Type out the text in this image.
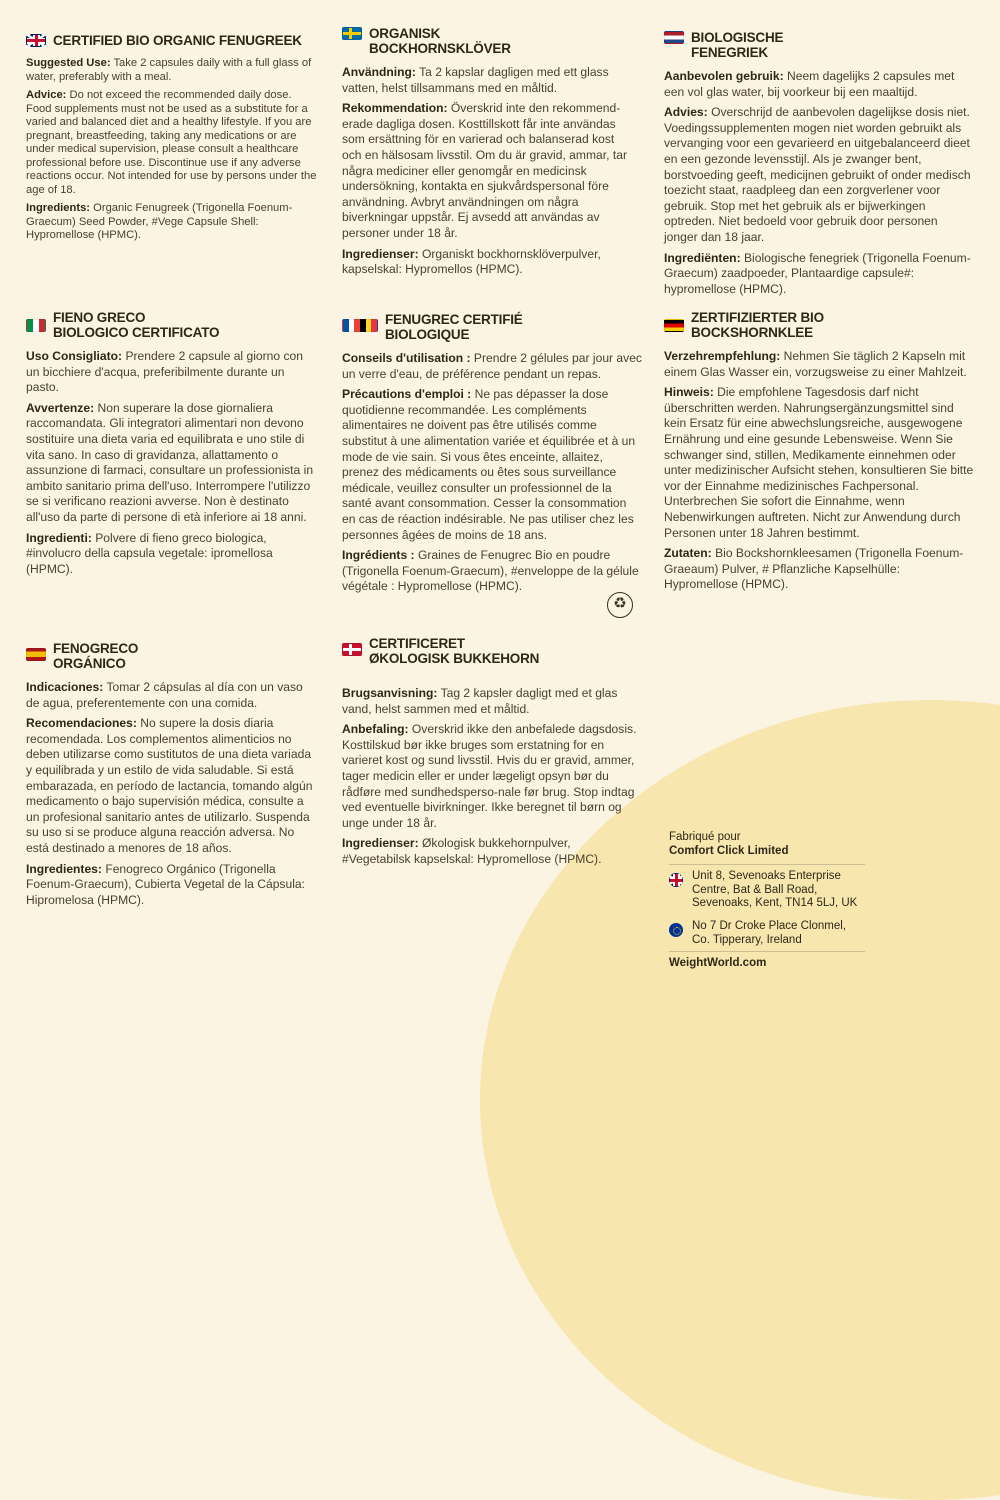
CERTIFIED BIO ORGANIC FENUGREEK

Suggested Use: Take 2 capsules daily with a full glass of water, preferably with a meal.

Advice: Do not exceed the recommended daily dose. Food supplements must not be used as a substitute for a varied and balanced diet and a healthy lifestyle. If you are pregnant, breastfeeding, taking any medications or are under medical supervision, please consult a healthcare professional before use. Discontinue use if any adverse reactions occur. Not intended for use by persons under the age of 18.

Ingredients: Organic Fenugreek (Trigonella Foenum-Graecum) Seed Powder, #Vege Capsule Shell: Hypromellose (HPMC).

ORGANISK
BOCKHORNSKLÖVER

Användning: Ta 2 kapslar dagligen med ett glass vatten, helst tillsammans med en måltid.

Rekommendation: Överskrid inte den rekommend-erade dagliga dosen. Kosttillskott får inte användas som ersättning för en varierad och balanserad kost och en hälsosam livsstil. Om du är gravid, ammar, tar några mediciner eller genomgår en medicinsk undersökning, kontakta en sjukvårdspersonal före användning. Avbryt användningen om några biverkningar uppstår. Ej avsedd att användas av personer under 18 år.

Ingredienser: Organiskt bockhornsklöverpulver, kapselskal: Hypromellos (HPMC).

BIOLOGISCHE
FENEGRIEK

Aanbevolen gebruik: Neem dagelijks 2 capsules met een vol glas water, bij voorkeur bij een maaltijd.

Advies: Overschrijd de aanbevolen dagelijkse dosis niet. Voedingssupplementen mogen niet worden gebruikt als vervanging voor een gevarieerd en uitgebalanceerd dieet en een gezonde levensstijl. Als je zwanger bent, borstvoeding geeft, medicijnen gebruikt of onder medisch toezicht staat, raadpleeg dan een zorgverlener voor gebruik. Stop met het gebruik als er bijwerkingen optreden. Niet bedoeld voor gebruik door personen jonger dan 18 jaar.

Ingrediënten: Biologische fenegriek (Trigonella Foenum-Graecum) zaadpoeder, Plantaardige capsule#: hypromellose (HPMC).

FIENO GRECO
BIOLOGICO CERTIFICATO

Uso Consigliato: Prendere 2 capsule al giorno con un bicchiere d'acqua, preferibilmente durante un pasto.

Avvertenze: Non superare la dose giornaliera raccomandata. Gli integratori alimentari non devono sostituire una dieta varia ed equilibrata e uno stile di vita sano. In caso di gravidanza, allattamento o assunzione di farmaci, consultare un professionista in ambito sanitario prima dell'uso. Interrompere l'utilizzo se si verificano reazioni avverse. Non è destinato all'uso da parte di persone di età inferiore ai 18 anni.

Ingredienti: Polvere di fieno greco biologica, #involucro della capsula vegetale: ipromellosa (HPMC).

FENUGREC CERTIFIÉ
BIOLOGIQUE

Conseils d'utilisation : Prendre 2 gélules par jour avec un verre d'eau, de préférence pendant un repas.

Précautions d'emploi : Ne pas dépasser la dose quotidienne recommandée. Les compléments alimentaires ne doivent pas être utilisés comme substitut à une alimentation variée et équilibrée et à un mode de vie sain. Si vous êtes enceinte, allaitez, prenez des médicaments ou êtes sous surveillance médicale, veuillez consulter un professionnel de la santé avant consommation. Cesser la consommation en cas de réaction indésirable. Ne pas utiliser chez les personnes âgées de moins de 18 ans.

Ingrédients : Graines de Fenugrec Bio en poudre (Trigonella Foenum-Graecum), #enveloppe de la gélule végétale : Hypromellose (HPMC).

♻
ZERTIFIZIERTER BIO
BOCKSHORNKLEE

Verzehrempfehlung: Nehmen Sie täglich 2 Kapseln mit einem Glas Wasser ein, vorzugsweise zu einer Mahlzeit.

Hinweis: Die empfohlene Tagesdosis darf nicht überschritten werden. Nahrungsergänzungsmittel sind kein Ersatz für eine abwechslungsreiche, ausgewogene Ernährung und eine gesunde Lebensweise. Wenn Sie schwanger sind, stillen, Medikamente einnehmen oder unter medizinischer Aufsicht stehen, konsultieren Sie bitte vor der Einnahme medizinisches Fachpersonal. Unterbrechen Sie sofort die Einnahme, wenn Nebenwirkungen auftreten. Nicht zur Anwendung durch Personen unter 18 Jahren bestimmt.

Zutaten: Bio Bockshornkleesamen (Trigonella Foenum-Graeaum) Pulver, # Pflanzliche Kapselhülle: Hypromellose (HPMC).

FENOGRECO
ORGÁNICO

Indicaciones: Tomar 2 cápsulas al día con un vaso de agua, preferentemente con una comida.

Recomendaciones: No supere la dosis diaria recomendada. Los complementos alimenticios no deben utilizarse como sustitutos de una dieta variada y equilibrada y un estilo de vida saludable. Si está embarazada, en período de lactancia, tomando algún medicamento o bajo supervisión médica, consulte a un profesional sanitario antes de utilizarlo. Suspenda su uso si se produce alguna reacción adversa. No está destinado a menores de 18 años.

Ingredientes: Fenogreco Orgánico (Trigonella Foenum-Graecum), Cubierta Vegetal de la Cápsula: Hipromelosa (HPMC).

CERTIFICERET
ØKOLOGISK BUKKEHORN

Brugsanvisning: Tag 2 kapsler dagligt med et glas vand, helst sammen med et måltid.

Anbefaling: Overskrid ikke den anbefalede dagsdosis. Kosttilskud bør ikke bruges som erstatning for en varieret kost og sund livsstil. Hvis du er gravid, ammer, tager medicin eller er under lægeligt opsyn bør du rådføre med sundhedsperso-nale før brug. Stop indtag ved eventuelle bivirkninger. Ikke beregnet til børn og unge under 18 år.

Ingredienser: Økologisk bukkehornpulver, #Vegetabilsk kapselskal: Hypromellose (HPMC).

Fabriqué pour

Comfort Click Limited

Unit 8, Sevenoaks Enterprise Centre, Bat & Ball Road, Sevenoaks, Kent, TN14 5LJ, UK
No 7 Dr Croke Place Clonmel, Co. Tipperary, Ireland
WeightWorld.com
